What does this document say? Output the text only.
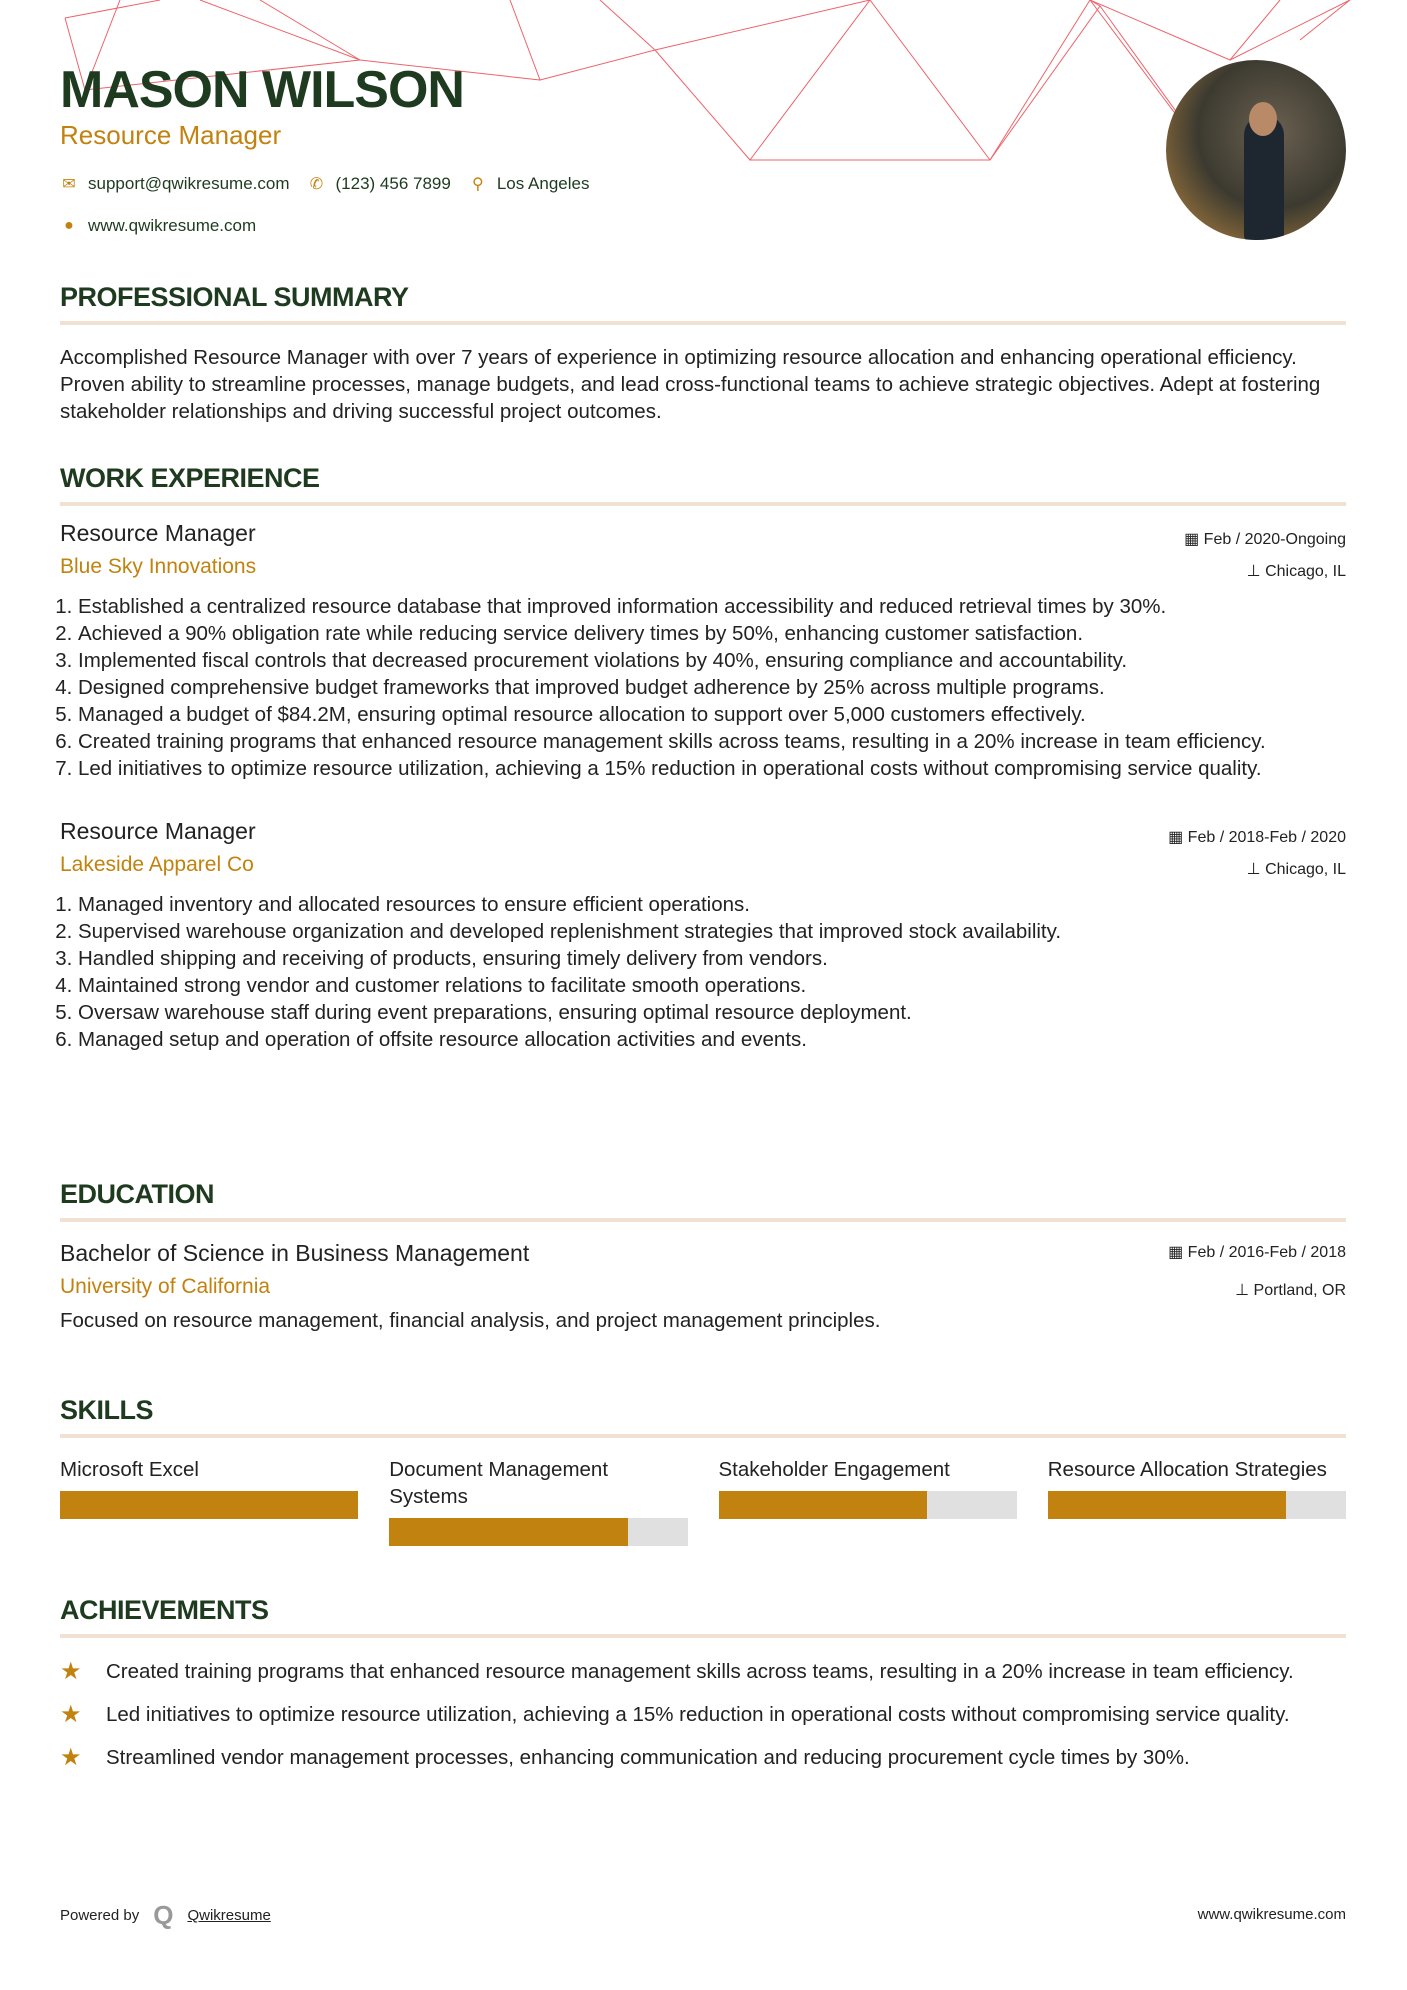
MASON WILSON
Resource Manager
✉ support@qwikresume.com ✆ (123) 456 7899 ⚲ Los Angeles
● www.qwikresume.com
PROFESSIONAL SUMMARY

Accomplished Resource Manager with over 7 years of experience in optimizing resource allocation and enhancing operational efficiency. Proven ability to streamline processes, manage budgets, and lead cross-functional teams to achieve strategic objectives. Adept at fostering stakeholder relationships and driving successful project outcomes.

WORK EXPERIENCE
Resource Manager
Blue Sky Innovations
▦ Feb / 2020-Ongoing
⊥ Chicago, IL
1. Established a centralized resource database that improved information accessibility and reduced retrieval times by 30%.
2. Achieved a 90% obligation rate while reducing service delivery times by 50%, enhancing customer satisfaction.
3. Implemented fiscal controls that decreased procurement violations by 40%, ensuring compliance and accountability.
4. Designed comprehensive budget frameworks that improved budget adherence by 25% across multiple programs.
5. Managed a budget of $84.2M, ensuring optimal resource allocation to support over 5,000 customers effectively.
6. Created training programs that enhanced resource management skills across teams, resulting in a 20% increase in team efficiency.
7. Led initiatives to optimize resource utilization, achieving a 15% reduction in operational costs without compromising service quality.
Resource Manager
Lakeside Apparel Co
▦ Feb / 2018-Feb / 2020
⊥ Chicago, IL
1. Managed inventory and allocated resources to ensure efficient operations.
2. Supervised warehouse organization and developed replenishment strategies that improved stock availability.
3. Handled shipping and receiving of products, ensuring timely delivery from vendors.
4. Maintained strong vendor and customer relations to facilitate smooth operations.
5. Oversaw warehouse staff during event preparations, ensuring optimal resource deployment.
6. Managed setup and operation of offsite resource allocation activities and events.
EDUCATION
Bachelor of Science in Business Management
University of California
▦ Feb / 2016-Feb / 2018
⊥ Portland, OR

Focused on resource management, financial analysis, and project management principles.

SKILLS
Microsoft Excel	Document Management Systems
Stakeholder Engagement	Resource Allocation Strategies
ACHIEVEMENTS
★	Created training programs that enhanced resource management skills across teams, resulting in a 20% increase in team efficiency.
★	Led initiatives to optimize resource utilization, achieving a 15% reduction in operational costs without compromising service quality.
★	Streamlined vendor management processes, enhancing communication and reducing procurement cycle times by 30%.
Powered by Q Qwikresume	www.qwikresume.com
